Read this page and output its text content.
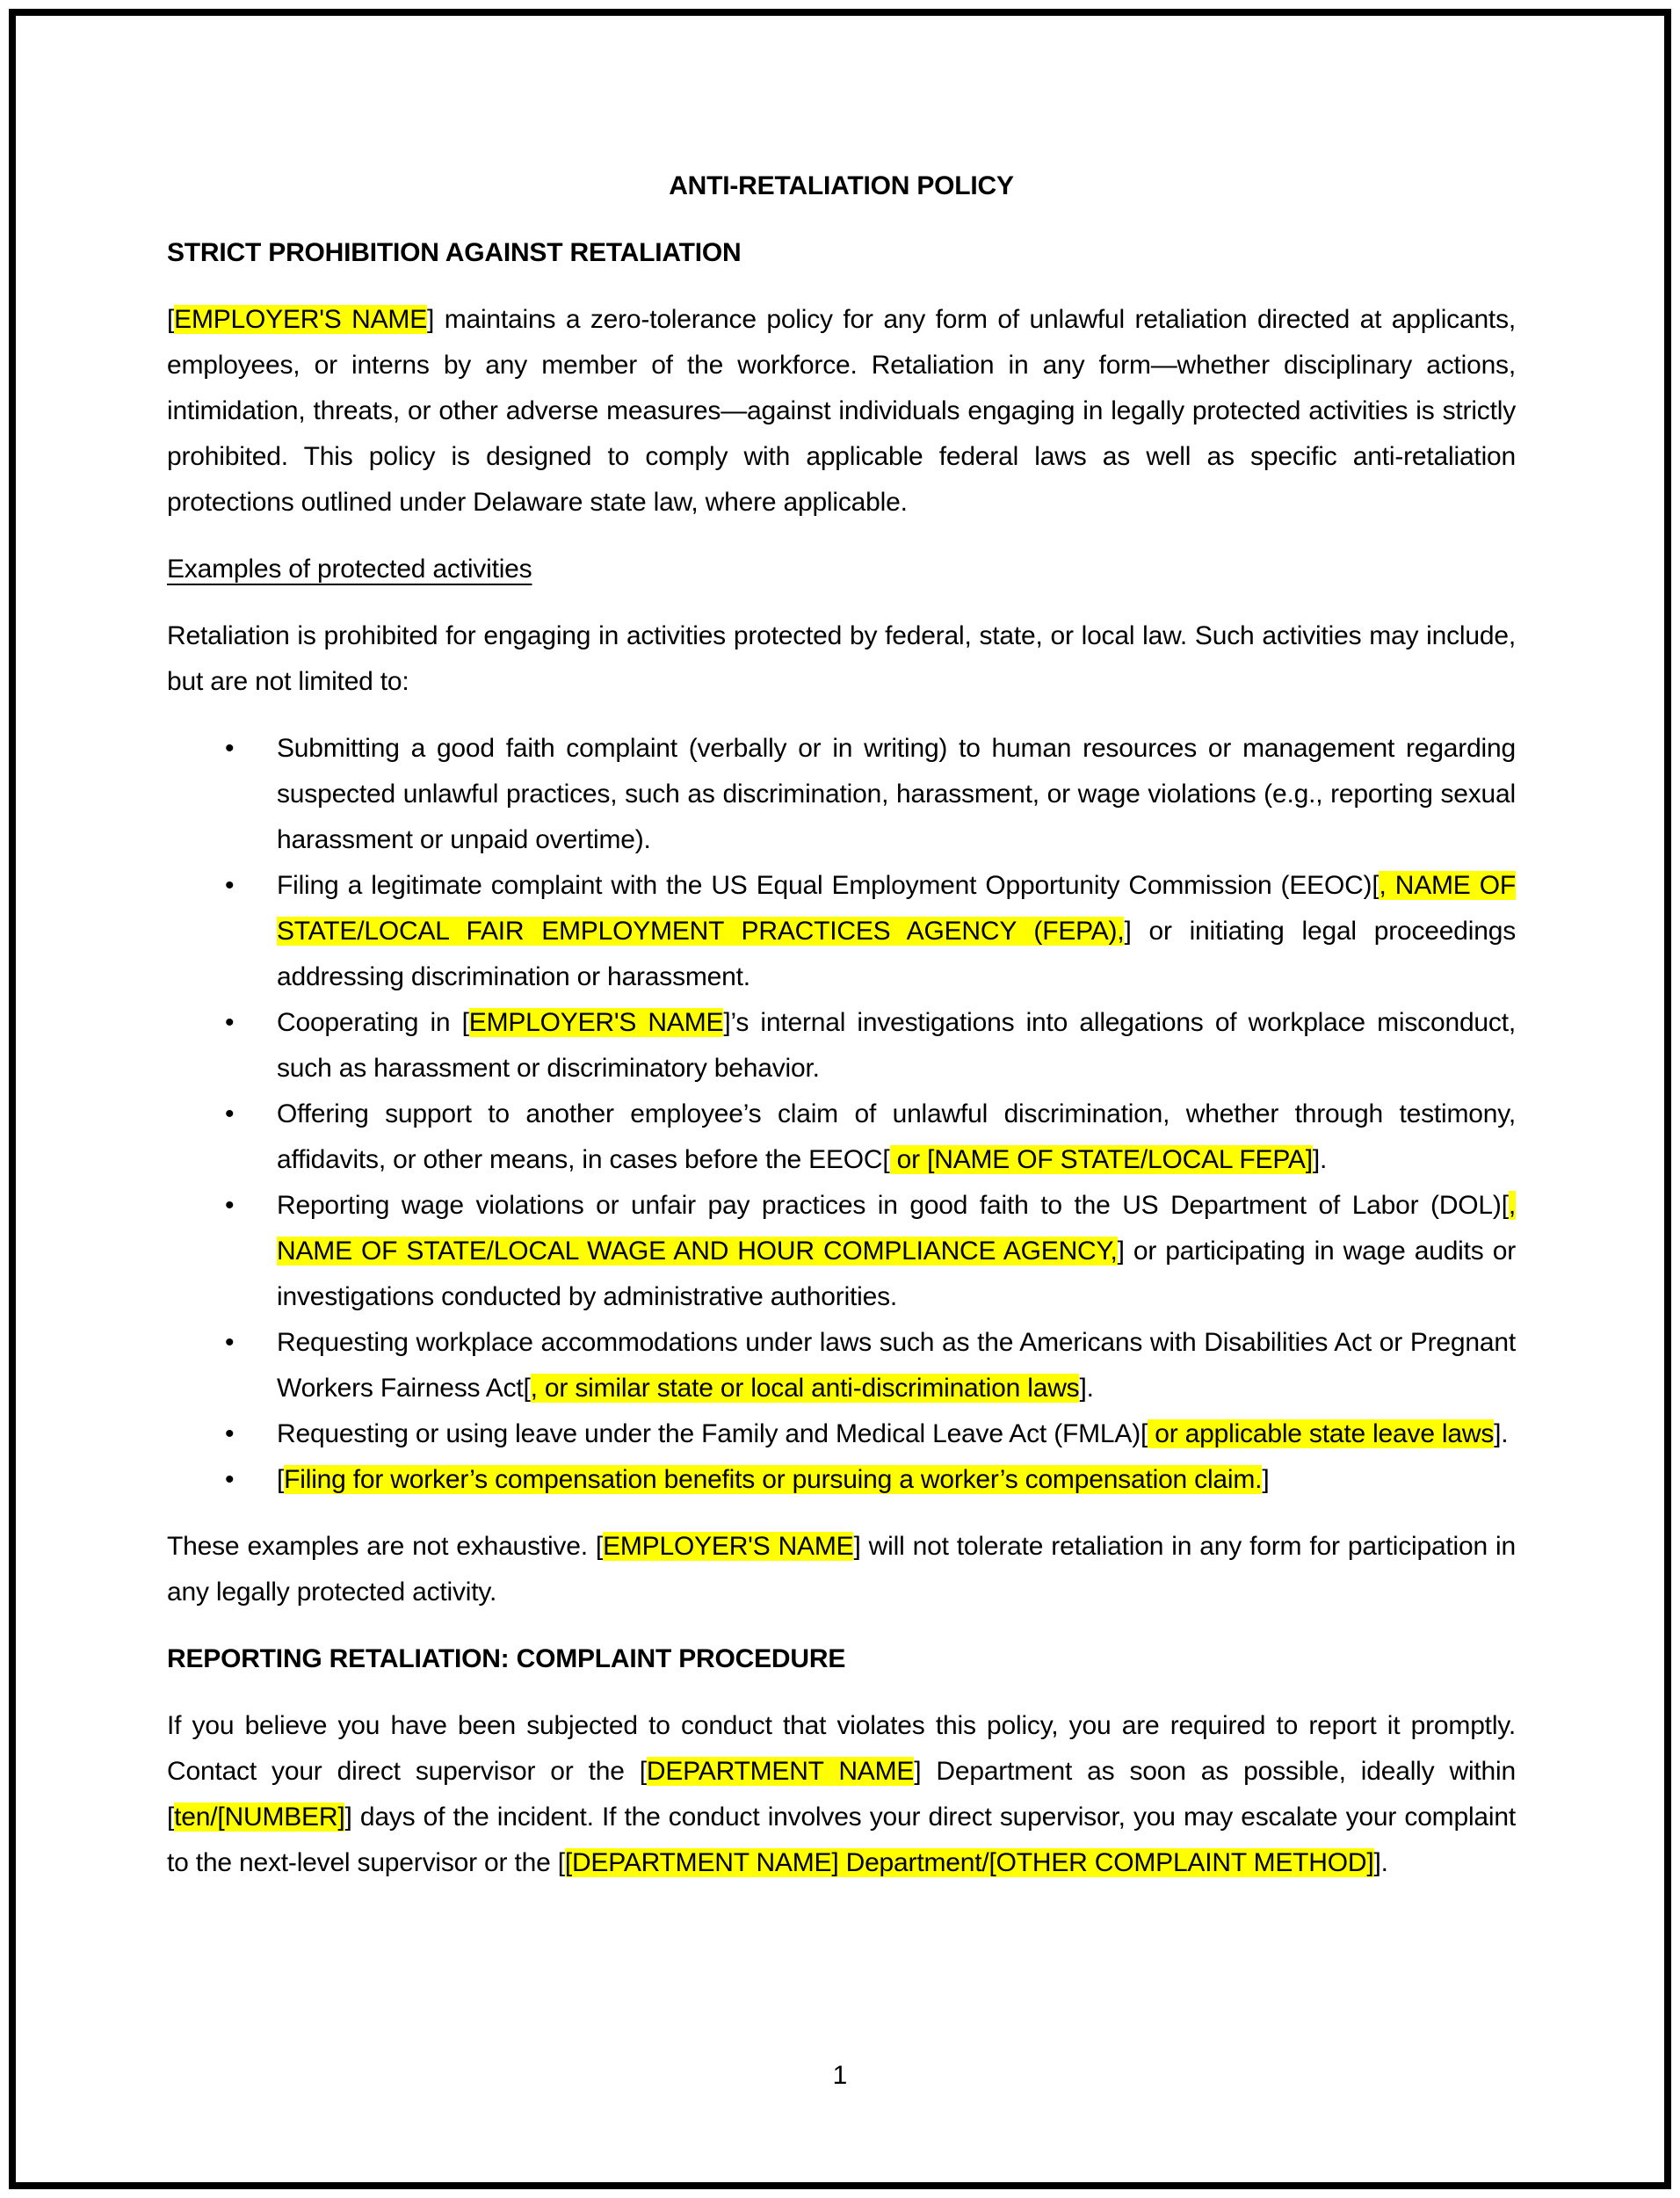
ANTI-RETALIATION POLICY
STRICT PROHIBITION AGAINST RETALIATION

[EMPLOYER'S NAME] maintains a zero-tolerance policy for any form of unlawful retaliation directed at applicants, employees, or interns by any member of the workforce. Retaliation in any form—whether disciplinary actions, intimidation, threats, or other adverse measures—against individuals engaging in legally protected activities is strictly prohibited. This policy is designed to comply with applicable federal laws as well as specific anti-retaliation protections outlined under Delaware state law, where applicable.

Examples of protected activities

Retaliation is prohibited for engaging in activities protected by federal, state, or local law. Such activities may include, but are not limited to:

• Submitting a good faith complaint (verbally or in writing) to human resources or management regarding suspected unlawful practices, such as discrimination, harassment, or wage violations (e.g., reporting sexual harassment or unpaid overtime).
• Filing a legitimate complaint with the US Equal Employment Opportunity Commission (EEOC)[, NAME OF STATE/LOCAL FAIR EMPLOYMENT PRACTICES AGENCY (FEPA),] or initiating legal proceedings addressing discrimination or harassment.
• Cooperating in [EMPLOYER'S NAME]’s internal investigations into allegations of workplace misconduct, such as harassment or discriminatory behavior.
• Offering support to another employee’s claim of unlawful discrimination, whether through testimony, affidavits, or other means, in cases before the EEOC[ or [NAME OF STATE/LOCAL FEPA]].
• Reporting wage violations or unfair pay practices in good faith to the US Department of Labor (DOL)[, NAME OF STATE/LOCAL WAGE AND HOUR COMPLIANCE AGENCY,] or participating in wage audits or investigations conducted by administrative authorities.
• Requesting workplace accommodations under laws such as the Americans with Disabilities Act or Pregnant Workers Fairness Act[, or similar state or local anti-discrimination laws].
• Requesting or using leave under the Family and Medical Leave Act (FMLA)[ or applicable state leave laws].
• [Filing for worker’s compensation benefits or pursuing a worker’s compensation claim.]

These examples are not exhaustive. [EMPLOYER'S NAME] will not tolerate retaliation in any form for participation in any legally protected activity.

REPORTING RETALIATION: COMPLAINT PROCEDURE

If you believe you have been subjected to conduct that violates this policy, you are required to report it promptly. Contact your direct supervisor or the [DEPARTMENT NAME] Department as soon as possible, ideally within [ten/[NUMBER]] days of the incident. If the conduct involves your direct supervisor, you may escalate your complaint to the next-level supervisor or the [[DEPARTMENT NAME] Department/[OTHER COMPLAINT METHOD]].

1
